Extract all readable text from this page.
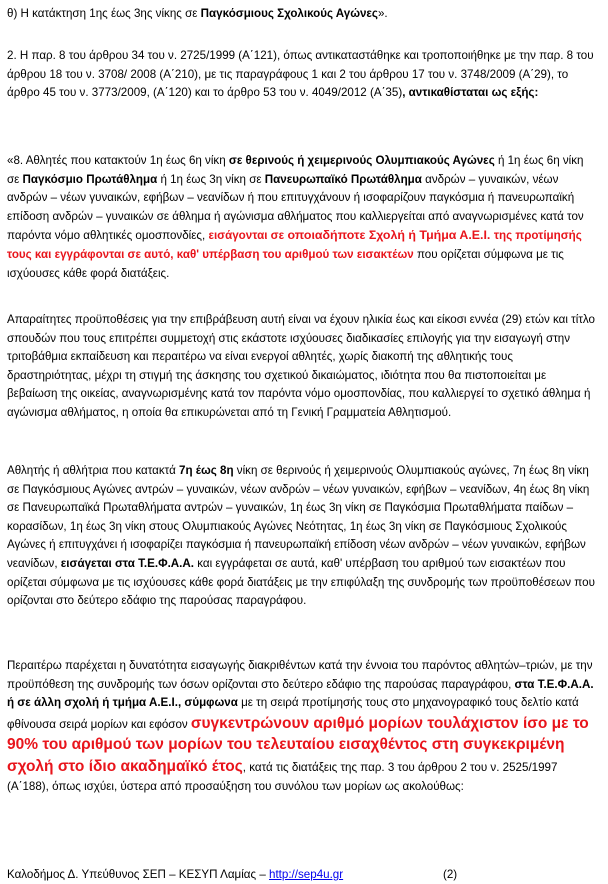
θ) Η κατάκτηση 1ης έως 3ης νίκης σε Παγκόσμιους Σχολικούς Αγώνες».
2. Η παρ. 8 του άρθρου 34 του ν. 2725/1999 (Α΄121), όπως αντικαταστάθηκε και τροποποιήθηκε με την παρ. 8 του άρθρου 18 του ν. 3708/ 2008 (Α΄210), με τις παραγράφους 1 και 2 του άρθρου 17 του ν. 3748/2009 (Α΄29), το άρθρο 45 του ν. 3773/2009, (Α΄120) και το άρθρο 53 του ν. 4049/2012 (Α΄35), αντικαθίσταται ως εξής:
«8. Αθλητές που κατακτούν 1η έως 6η νίκη σε θερινούς ή χειμερινούς Ολυμπιακούς Αγώνες ή 1η έως 6η νίκη σε Παγκόσμιο Πρωτάθλημα ή 1η έως 3η νίκη σε Πανευρωπαϊκό Πρωτάθλημα ανδρών – γυναικών, νέων ανδρών – νέων γυναικών, εφήβων – νεανίδων ή που επιτυγχάνουν ή ισοφαρίζουν παγκόσμια ή πανευρωπαϊκή επίδοση ανδρών – γυναικών σε άθλημα ή αγώνισμα αθλήματος που καλλιεργείται από αναγνωρισμένες κατά τον παρόντα νόμο αθλητικές ομοσπονδίες, εισάγονται σε οποιαδήποτε Σχολή ή Τμήμα Α.Ε.Ι. της προτίμησής τους και εγγράφονται σε αυτό, καθ' υπέρβαση του αριθμού των εισακτέων που ορίζεται σύμφωνα με τις ισχύουσες κάθε φορά διατάξεις.
Απαραίτητες προϋποθέσεις για την επιβράβευση αυτή είναι να έχουν ηλικία έως και είκοσι εννέα (29) ετών και τίτλο σπουδών που τους επιτρέπει συμμετοχή στις εκάστοτε ισχύουσες διαδικασίες επιλογής για την εισαγωγή στην τριτοβάθμια εκπαίδευση και περαιτέρω να είναι ενεργοί αθλητές, χωρίς διακοπή της αθλητικής τους δραστηριότητας, μέχρι τη στιγμή της άσκησης του σχετικού δικαιώματος, ιδιότητα που θα πιστοποιείται με βεβαίωση της οικείας, αναγνωρισμένης κατά τον παρόντα νόμο ομοσπονδίας, που καλλιεργεί το σχετικό άθλημα ή αγώνισμα αθλήματος, η οποία θα επικυρώνεται από τη Γενική Γραμματεία Αθλητισμού.
Αθλητής ή αθλήτρια που κατακτά 7η έως 8η νίκη σε θερινούς ή χειμερινούς Ολυμπιακούς αγώνες, 7η έως 8η νίκη σε Παγκόσμιους Αγώνες αντρών – γυναικών, νέων ανδρών – νέων γυναικών, εφήβων – νεανίδων, 4η έως 8η νίκη σε Πανευρωπαϊκά Πρωταθλήματα αντρών – γυναικών, 1η έως 3η νίκη σε Παγκόσμια Πρωταθλήματα παίδων – κορασίδων, 1η έως 3η νίκη στους Ολυμπιακούς Αγώνες Νεότητας, 1η έως 3η νίκη σε Παγκόσμιους Σχολικούς Αγώνες ή επιτυγχάνει ή ισοφαρίζει παγκόσμια ή πανευρωπαϊκή επίδοση νέων ανδρών – νέων γυναικών, εφήβων νεανίδων, εισάγεται στα Τ.Ε.Φ.Α.Α. και εγγράφεται σε αυτά, καθ' υπέρβαση του αριθμού των εισακτέων που ορίζεται σύμφωνα με τις ισχύουσες κάθε φορά διατάξεις με την επιφύλαξη της συνδρομής των προϋποθέσεων που ορίζονται στο δεύτερο εδάφιο της παρούσας παραγράφου.
Περαιτέρω παρέχεται η δυνατότητα εισαγωγής διακριθέντων κατά την έννοια του παρόντος αθλητών–τριών, με την προϋπόθεση της συνδρομής των όσων ορίζονται στο δεύτερο εδάφιο της παρούσας παραγράφου, στα Τ.Ε.Φ.Α.Α. ή σε άλλη σχολή ή τμήμα Α.Ε.Ι., σύμφωνα με τη σειρά προτίμησής τους στο μηχανογραφικό τους δελτίο κατά φθίνουσα σειρά μορίων και εφόσον συγκεντρώνουν αριθμό μορίων τουλάχιστον ίσο με το 90% του αριθμού των μορίων του τελευταίου εισαχθέντος στη συγκεκριμένη σχολή στο ίδιο ακαδημαϊκό έτος, κατά τις διατάξεις της παρ. 3 του άρθρου 2 του ν. 2525/1997 (Α΄188), όπως ισχύει, ύστερα από προσαύξηση του συνόλου των μορίων ως ακολούθως:
Καλοδήμος Δ. Υπεύθυνος ΣΕΠ – ΚΕΣΥΠ Λαμίας – http://sep4u.gr	(2)
